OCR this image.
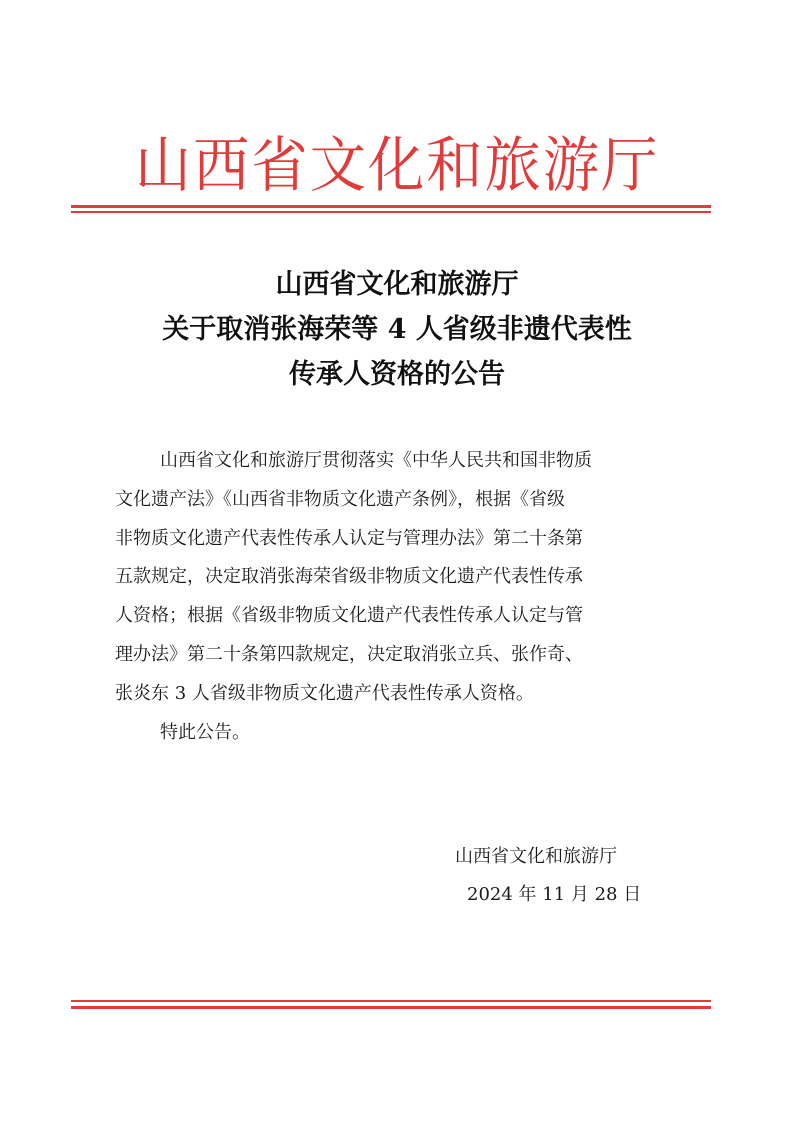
山西省文化和旅游厅
山西省文化和旅游厅
关于取消张海荣等 4 人省级非遗代表性
传承人资格的公告
山西省文化和旅游厅贯彻落实《中华人民共和国非物质
文化遗产法》《山西省非物质文化遗产条例》，根据《省级
非物质文化遗产代表性传承人认定与管理办法》第二十条第
五款规定，决定取消张海荣省级非物质文化遗产代表性传承
人资格；根据《省级非物质文化遗产代表性传承人认定与管
理办法》第二十条第四款规定，决定取消张立兵、张作奇、
张炎东 3 人省级非物质文化遗产代表性传承人资格。
特此公告。
山西省文化和旅游厅
2024 年 11 月 28 日
